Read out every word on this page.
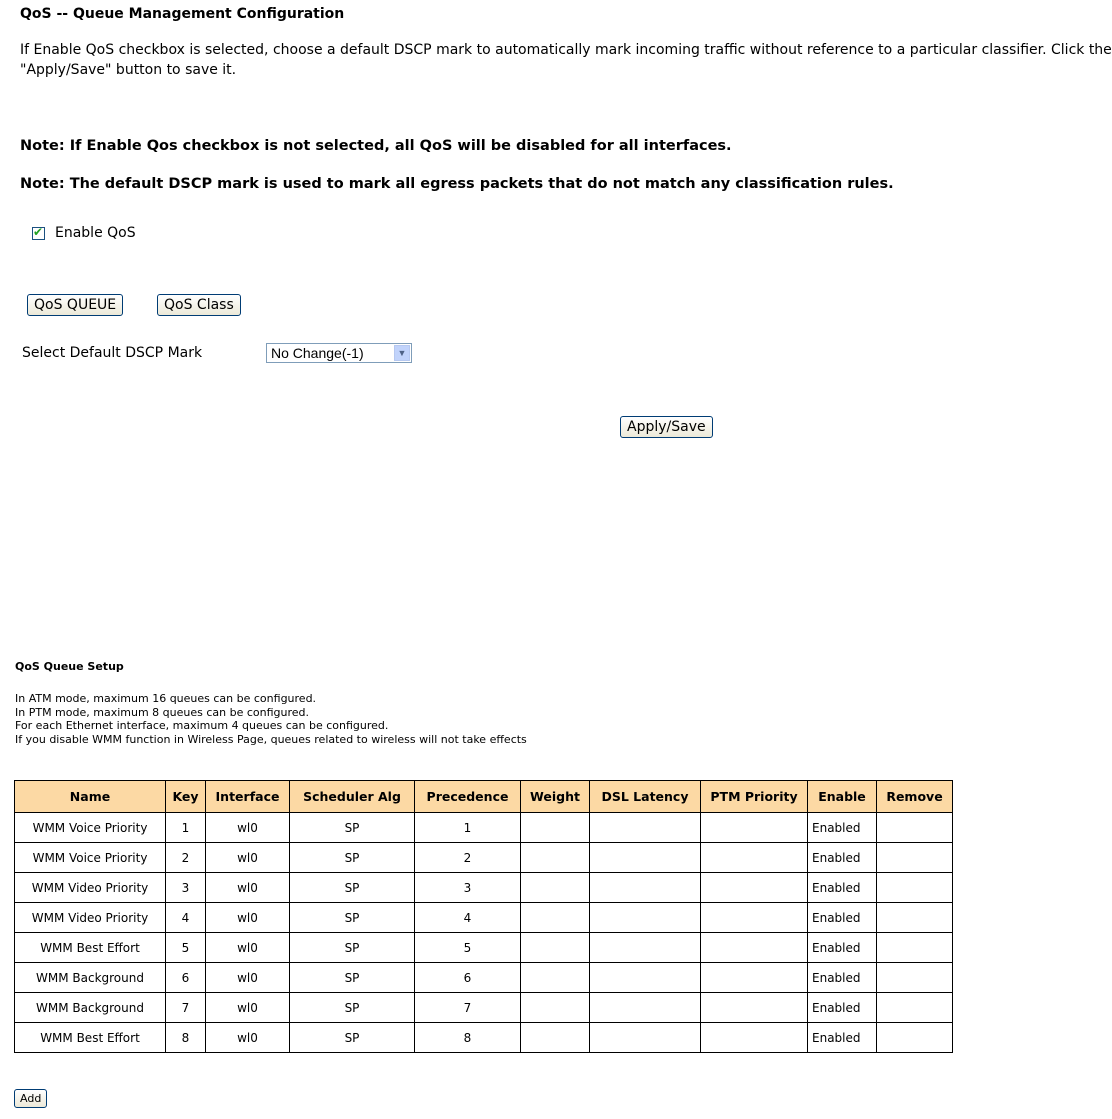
QoS -- Queue Management Configuration
If Enable QoS checkbox is selected, choose a default DSCP mark to automatically mark incoming traffic without reference to a particular classifier. Click the
"Apply/Save" button to save it.
Note: If Enable Qos checkbox is not selected, all QoS will be disabled for all interfaces.
Note: The default DSCP mark is used to mark all egress packets that do not match any classification rules.
✔ Enable QoS
QoS QUEUE	QoS Class
Select Default DSCP Mark	No Change(-1)	▼
Apply/Save
QoS Queue Setup
In ATM mode, maximum 16 queues can be configured.
In PTM mode, maximum 8 queues can be configured.
For each Ethernet interface, maximum 4 queues can be configured.
If you disable WMM function in Wireless Page, queues related to wireless will not take effects
Name	Key	Interface	Scheduler Alg	Precedence	Weight	DSL Latency	PTM Priority	Enable	Remove
WMM Voice Priority	1	wl0	SP	1				Enabled	
WMM Voice Priority	2	wl0	SP	2				Enabled	
WMM Video Priority	3	wl0	SP	3				Enabled	
WMM Video Priority	4	wl0	SP	4				Enabled	
WMM Best Effort	5	wl0	SP	5				Enabled	
WMM Background	6	wl0	SP	6				Enabled	
WMM Background	7	wl0	SP	7				Enabled	
WMM Best Effort	8	wl0	SP	8				Enabled	
Add
